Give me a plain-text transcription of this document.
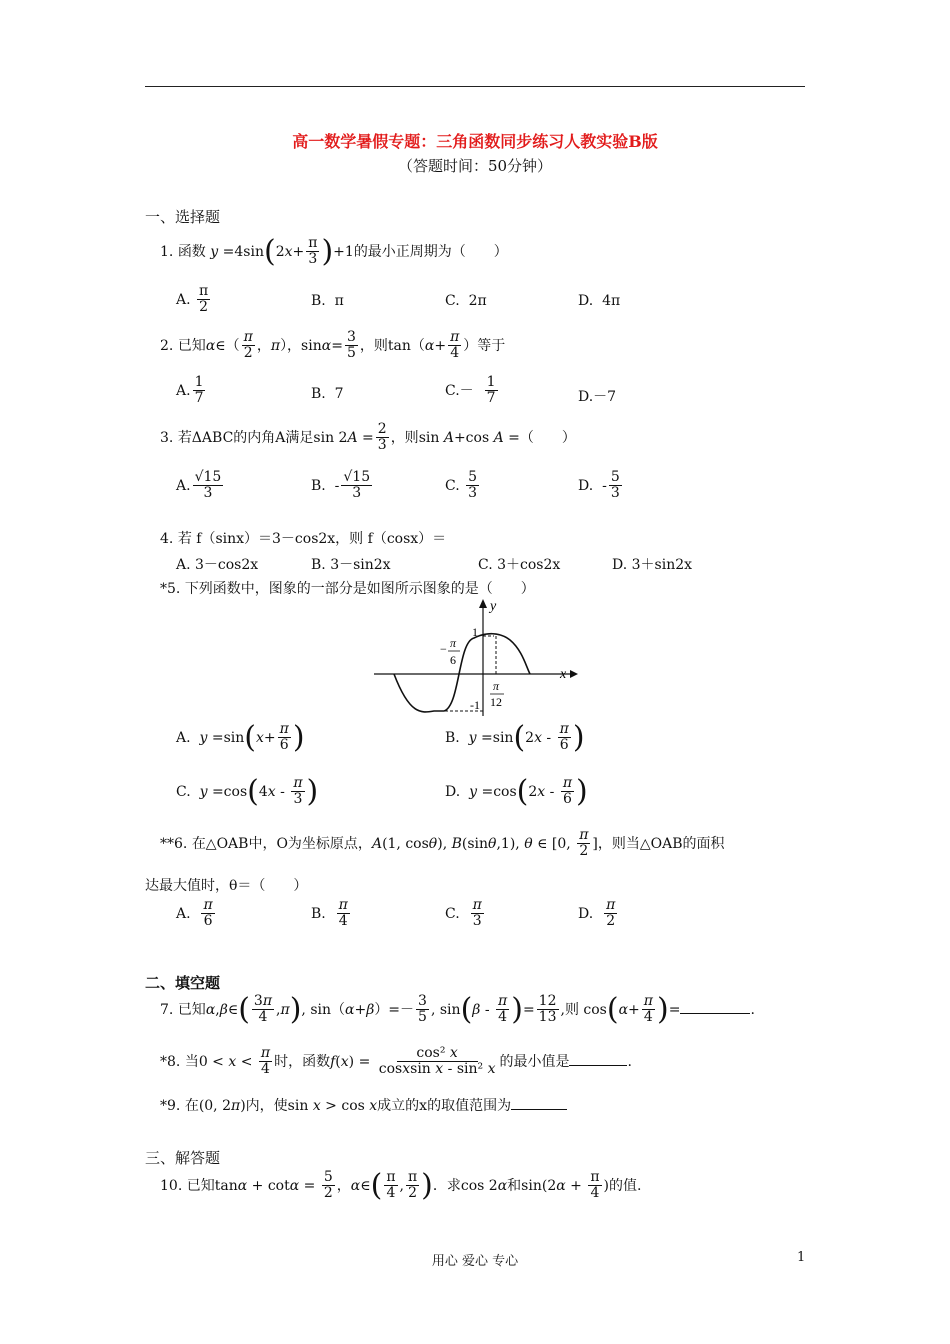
高一数学暑假专题：三角函数同步练习人教实验B版
（答题时间：50分钟）
一、选择题
1. 函数 $y =4\sin(2x+ \frac{\pi}{3} )+1$的最小正周期为（　　）
A. $\frac{\pi}{2}$	B. π	C. 2π	D. 4π
2. 已知α∈（ $\frac{\pi}{2}$ ，π），$\sin\alpha= \frac{3}{5}$ ，则$\tan(\alpha+ \frac{\pi}{4}$ ）等于
A. $\frac{1}{7}$	B. 7	$C.- \frac{1}{7}$	D.－7
3. 若ΔABC的内角A满足$\sin 2A = \frac{2}{3}$ ，则sin A+cos A =（　　）
A. $\frac{√15}{3}$	B.  - $\frac{√15}{3}$	C. $\frac{5}{3}$	D.  - $\frac{5}{3}$
4. 若 f（sinx）＝3－cos2x，则 f（cosx）＝
A. 3－cos2x	B. 3－sin2x	C. 3＋cos2x	D. 3＋sin2x
*5. 下列函数中，图象的一部分是如图所示图象的是（　　）
y
x
1
-1
− π
6
π
12
A. $y =\sin(x+ \frac{\pi}{6}$ )	B. $y =\sin(2x - \frac{\pi}{6}$ )
C. $y =\cos(4x - \frac{\pi}{3}$ )	D. $y =\cos(2x - \frac{\pi}{6}$ )
**6. 在△OAB中，O为坐标原点，A(1, cosθ), B(sinθ,1), θ ∈ [0, $\frac{\pi}{2}$ ]，则当△OAB的面积
达最大值时，θ＝（　　）
A. $\frac{\pi}{6}$	B. $\frac{\pi}{4}$	C. $\frac{\pi}{3}$	D. $\frac{\pi}{2}$
二、填空题
7. 已知α,β∈( $\frac{3\pi}{4} ,\pi$), $\sin(\alpha+\beta)=- \frac{3}{5}$ , $\sin(\beta - \frac{\pi}{4}$ )= $\frac{12}{13}$ ,则 $\cos(\alpha+ \frac{\pi}{4}$ )=	.
*8. 当$0 < x < \frac{\pi}{4}$ 时，函数$f(x) = \frac{\text{cos² x}}{\text{cosxsin x - sin² x}}$ 的最小值是	.
*9. 在(0, 2π)内，使sin x > cos x成立的x的取值范围为
三、解答题
10. 已知$\tan\alpha + \cot\alpha = \frac{5}{2}$ ，α∈( $\frac{\pi}{4}$ , $\frac{\pi}{2}$ )．求cos 2α和$\sin(2\alpha + \frac{\pi}{4}$ )的值.
用心 爱心 专心	1
